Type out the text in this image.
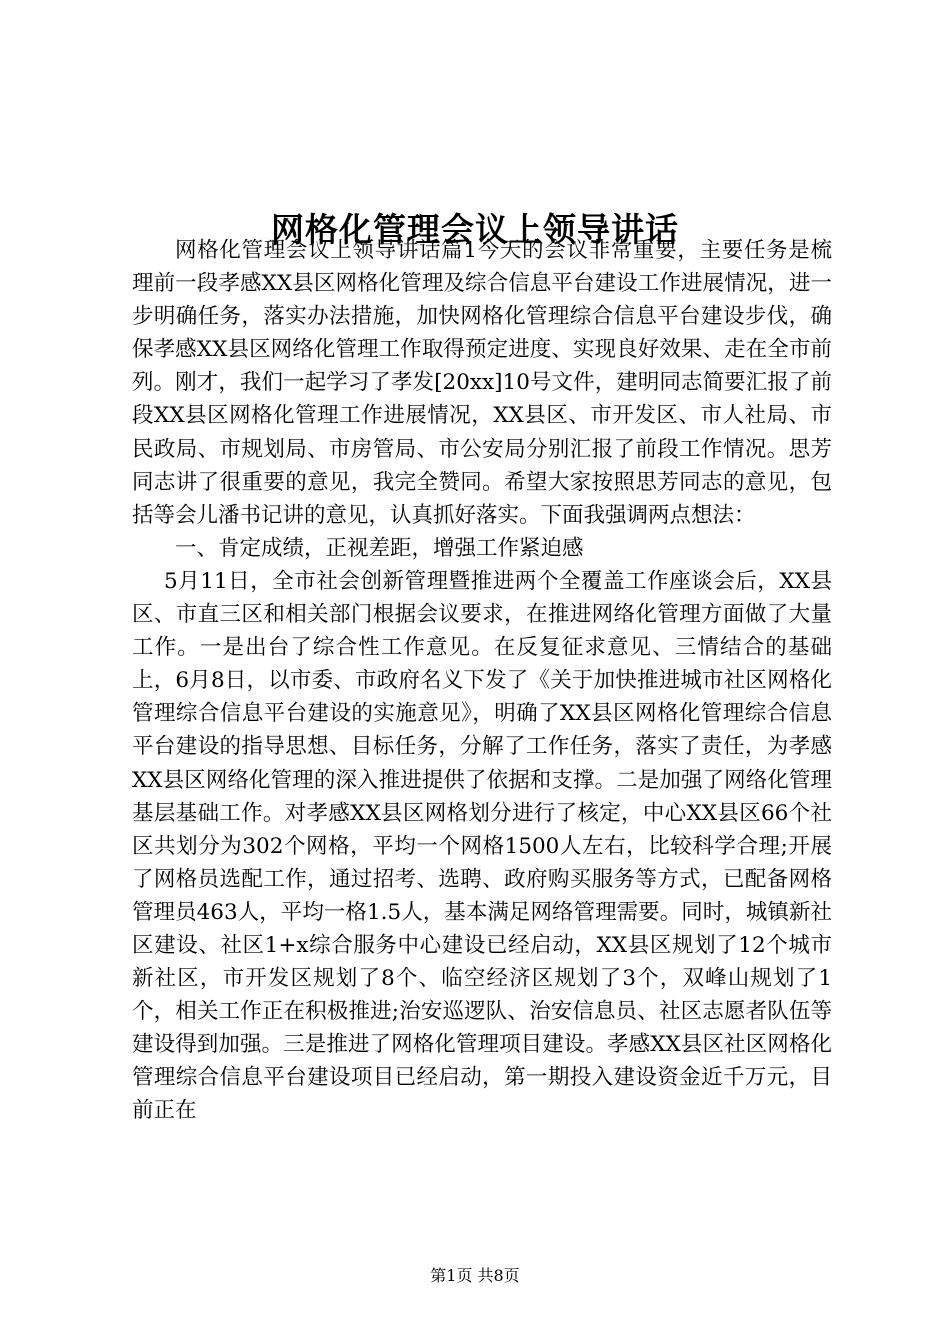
网格化管理会议上领导讲话

网格化管理会议上领导讲话篇1今天的会议非常重要，主要任务是梳理前一段孝感XX县区网格化管理及综合信息平台建设工作进展情况，进一步明确任务，落实办法措施，加快网格化管理综合信息平台建设步伐，确保孝感XX县区网络化管理工作取得预定进度、实现良好效果、走在全市前列。刚才，我们一起学习了孝发[20xx]10号文件，建明同志简要汇报了前段XX县区网格化管理工作进展情况，XX县区、市开发区、市人社局、市民政局、市规划局、市房管局、市公安局分别汇报了前段工作情况。思芳同志讲了很重要的意见，我完全赞同。希望大家按照思芳同志的意见，包括等会儿潘书记讲的意见，认真抓好落实。下面我强调两点想法：

一、肯定成绩，正视差距，增强工作紧迫感

5月11日，全市社会创新管理暨推进两个全覆盖工作座谈会后，XX县区、市直三区和相关部门根据会议要求，在推进网络化管理方面做了大量工作。一是出台了综合性工作意见。在反复征求意见、三情结合的基础上，6月8日，以市委、市政府名义下发了《关于加快推进城市社区网格化管理综合信息平台建设的实施意见》，明确了XX县区网格化管理综合信息平台建设的指导思想、目标任务，分解了工作任务，落实了责任，为孝感XX县区网络化管理的深入推进提供了依据和支撑。二是加强了网络化管理基层基础工作。对孝感XX县区网格划分进行了核定，中心XX县区66个社区共划分为302个网格，平均一个网格1500人左右，比较科学合理;开展了网格员选配工作，通过招考、选聘、政府购买服务等方式，已配备网格管理员463人，平均一格1.5人，基本满足网络管理需要。同时，城镇新社区建设、社区1+x综合服务中心建设已经启动，XX县区规划了12个城市新社区，市开发区规划了8个、临空经济区规划了3个，双峰山规划了1个，相关工作正在积极推进;治安巡逻队、治安信息员、社区志愿者队伍等建设得到加强。三是推进了网格化管理项目建设。孝感XX县区社区网格化管理综合信息平台建设项目已经启动，第一期投入建设资金近千万元，目前正在

第1页 共8页
